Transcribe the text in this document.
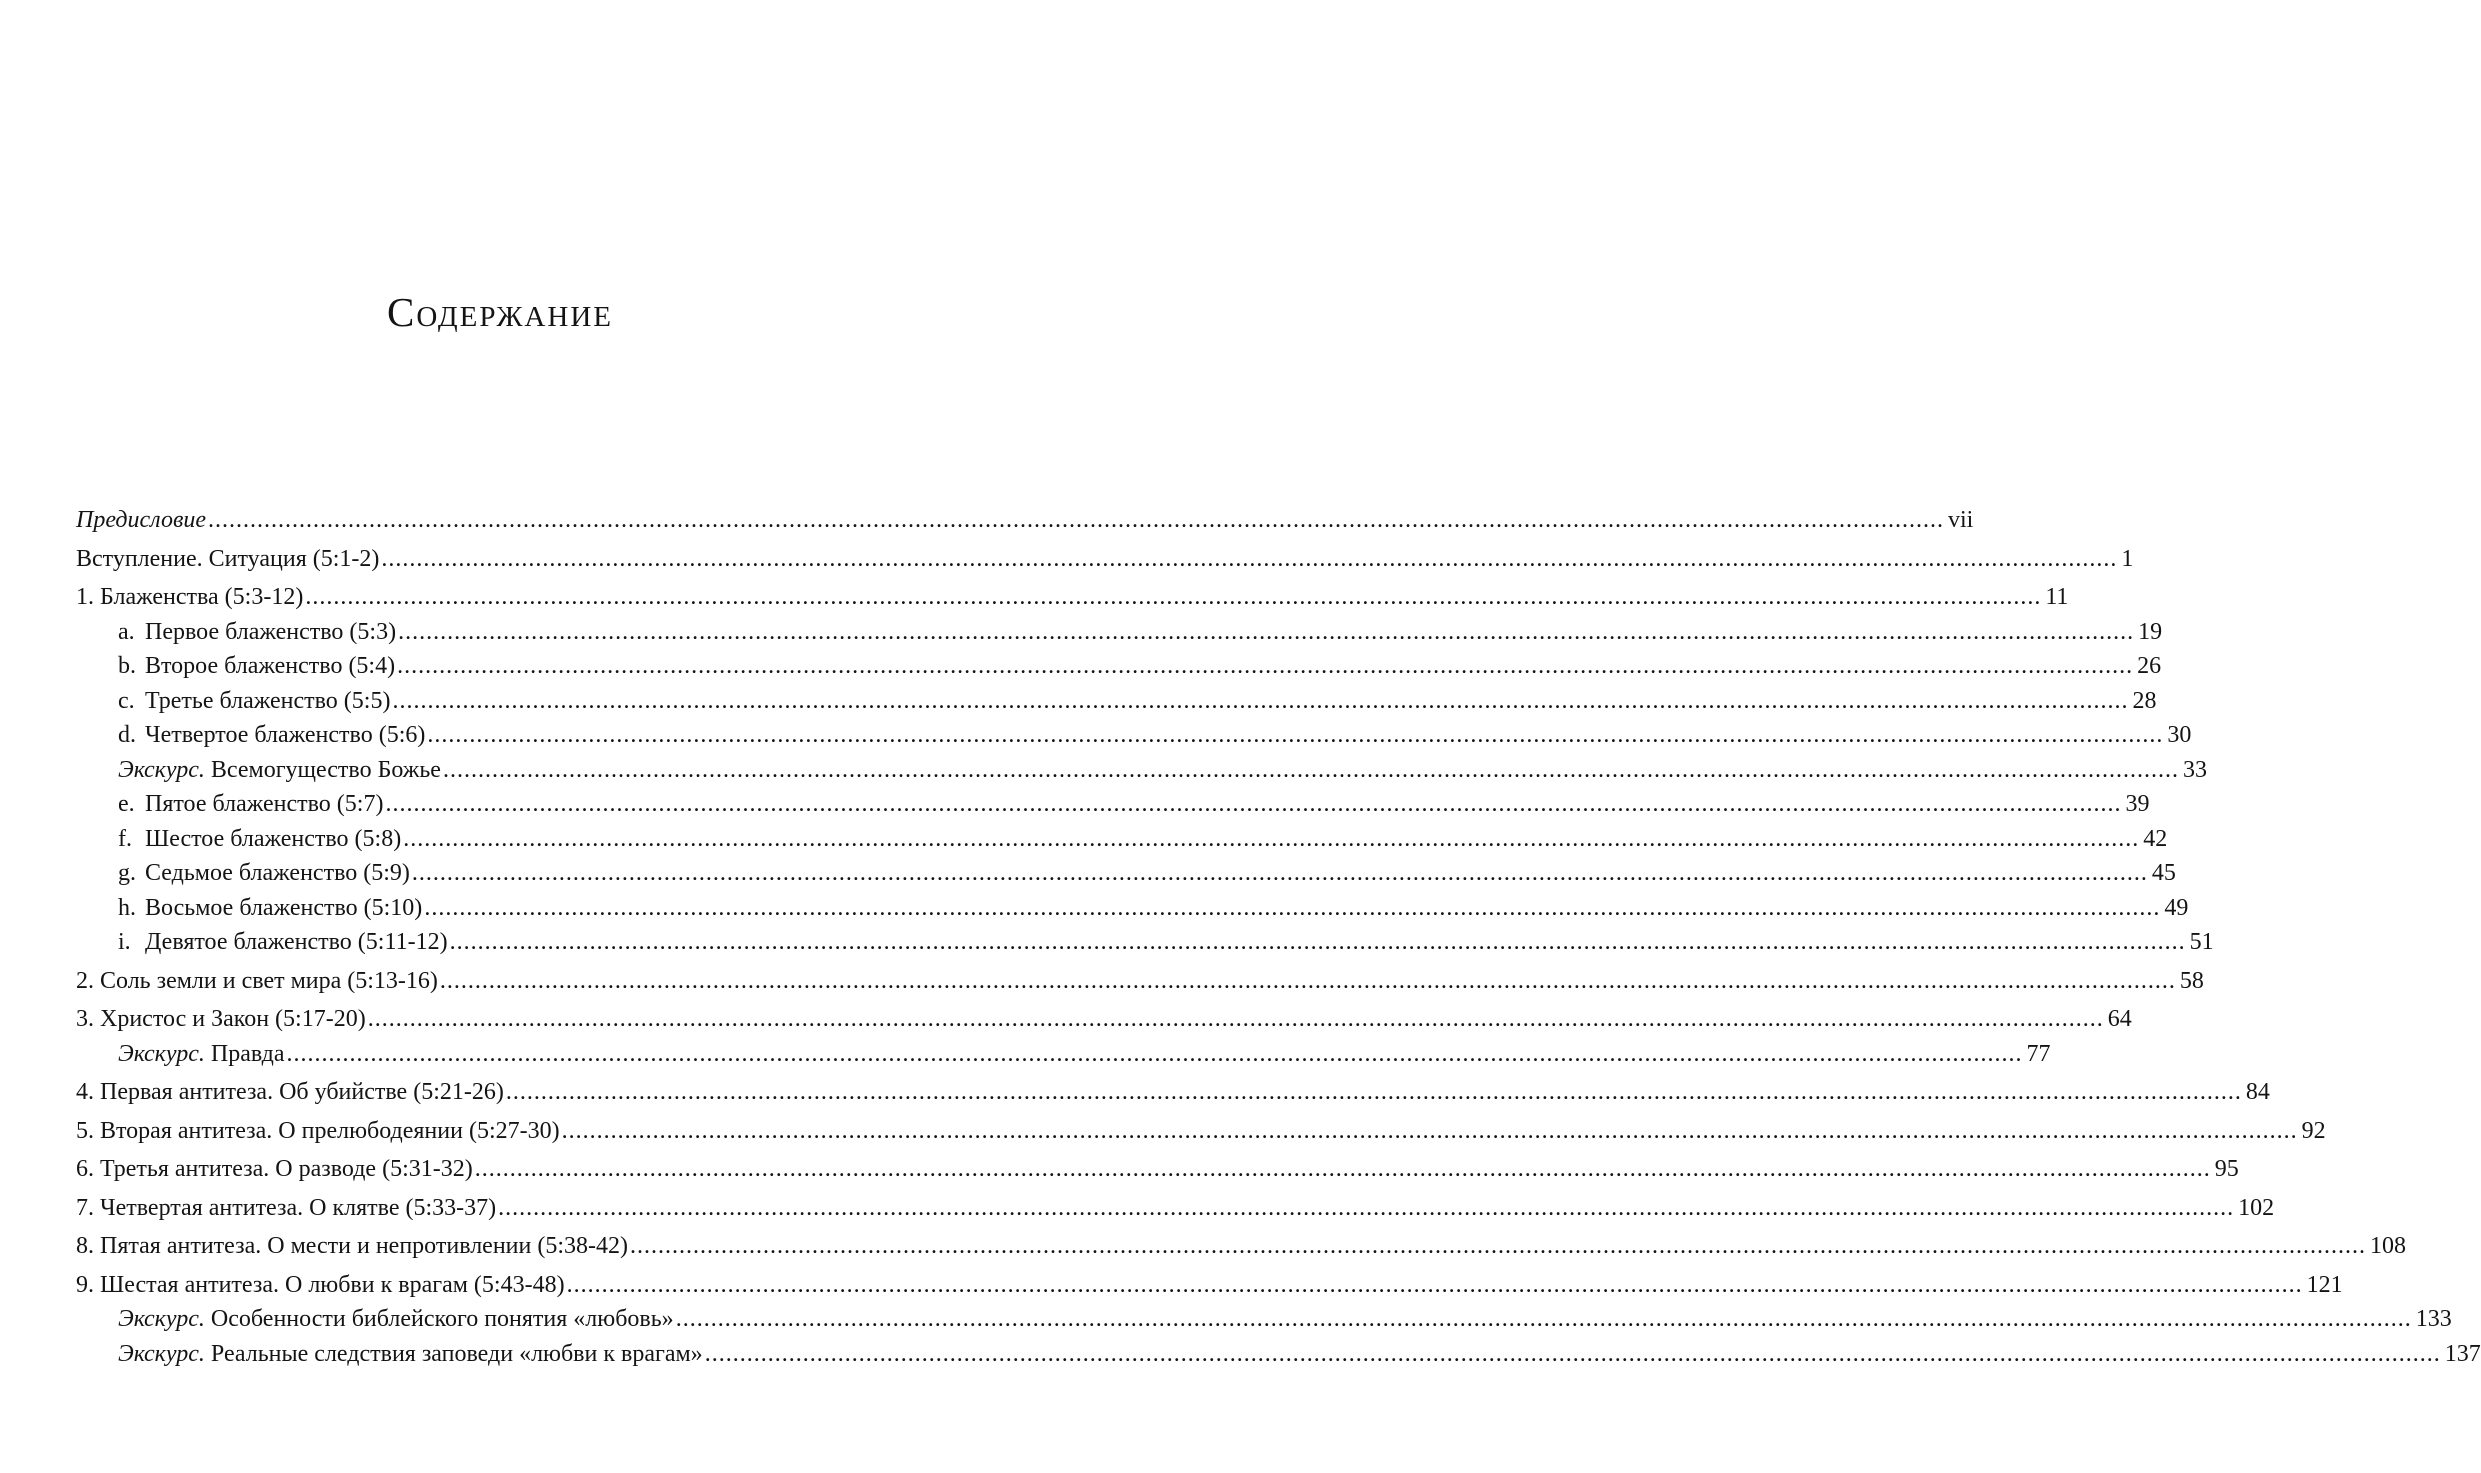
Содержание
Предисловие .....	vii
Вступление. Ситуация (5:1-2) .....	1
1. Блаженства (5:3-12) .....	11
a. Первое блаженство (5:3) .....	19
b. Второе блаженство (5:4) .....	26
c. Третье блаженство (5:5) .....	28
d. Четвертое блаженство (5:6) .....	30
Экскурс. Всемогущество Божье .....	33
e. Пятое блаженство (5:7) .....	39
f. Шестое блаженство (5:8) .....	42
g. Седьмое блаженство (5:9) .....	45
h. Восьмое блаженство (5:10) .....	49
i. Девятое блаженство (5:11-12) .....	51
2. Соль земли и свет мира (5:13-16) .....	58
3. Христос и Закон (5:17-20) .....	64
Экскурс. Правда .....	77
4. Первая антитеза. Об убийстве (5:21-26) .....	84
5. Вторая антитеза. О прелюбодеянии (5:27-30) .....	92
6. Третья антитеза. О разводе (5:31-32) .....	95
7. Четвертая антитеза. О клятве (5:33-37) .....	102
8. Пятая антитеза. О мести и непротивлении (5:38-42) .....	108
9. Шестая антитеза. О любви к врагам (5:43-48) .....	121
Экскурс. Особенности библейского понятия «любовь» .....	133
Экскурс. Реальные следствия заповеди «любви к врагам» .....	137
